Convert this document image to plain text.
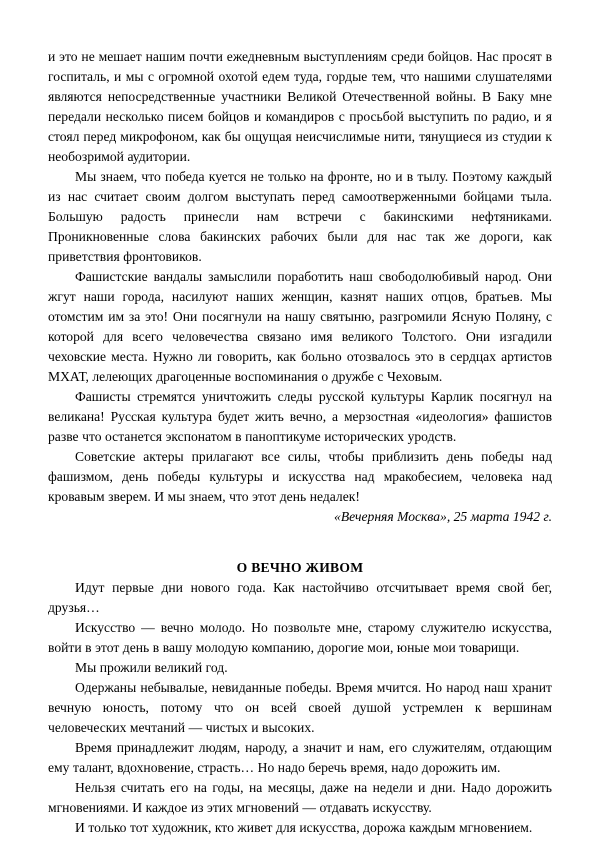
и это не мешает нашим почти ежедневным выступлениям среди бойцов. Нас просят в госпиталь, и мы с огромной охотой едем туда, гордые тем, что нашими слушателями являются непосредственные участники Великой Отечественной войны. В Баку мне передали несколько писем бойцов и командиров с просьбой выступить по радио, и я стоял перед микрофоном, как бы ощущая неисчислимые нити, тянущиеся из студии к необозримой аудитории.

Мы знаем, что победа куется не только на фронте, но и в тылу. Поэтому каждый из нас считает своим долгом выступать перед самоотверженными бойцами тыла. Большую радость принесли нам встречи с бакинскими нефтяниками. Проникновенные слова бакинских рабочих были для нас так же дороги, как приветствия фронтовиков.

Фашистские вандалы замыслили поработить наш свободолюбивый народ. Они жгут наши города, насилуют наших женщин, казнят наших отцов, братьев. Мы отомстим им за это! Они посягнули на нашу святыню, разгромили Ясную Поляну, с которой для всего человечества связано имя великого Толстого. Они изгадили чеховские места. Нужно ли говорить, как больно отозвалось это в сердцах артистов МХАТ, лелеющих драгоценные воспоминания о дружбе с Чеховым.

Фашисты стремятся уничтожить следы русской культуры Карлик посягнул на великана! Русская культура будет жить вечно, а мерзостная «идеология» фашистов разве что останется экспонатом в паноптикуме исторических уродств.

Советские актеры прилагают все силы, чтобы приблизить день победы над фашизмом, день победы культуры и искусства над мракобесием, человека над кровавым зверем. И мы знаем, что этот день недалек!

«Вечерняя Москва», 25 марта 1942 г.

О ВЕЧНО ЖИВОМ

Идут первые дни нового года. Как настойчиво отсчитывает время свой бег, друзья…

Искусство — вечно молодо. Но позвольте мне, старому служителю искусства, войти в этот день в вашу молодую компанию, дорогие мои, юные мои товарищи.

Мы прожили великий год.

Одержаны небывалые, невиданные победы. Время мчится. Но народ наш хранит вечную юность, потому что он всей своей душой устремлен к вершинам человеческих мечтаний — чистых и высоких.

Время принадлежит людям, народу, а значит и нам, его служителям, отдающим ему талант, вдохновение, страсть… Но надо беречь время, надо дорожить им.

Нельзя считать его на годы, на месяцы, даже на недели и дни. Надо дорожить мгновениями. И каждое из этих мгновений — отдавать искусству.

И только тот художник, кто живет для искусства, дорожа каждым мгновением.
